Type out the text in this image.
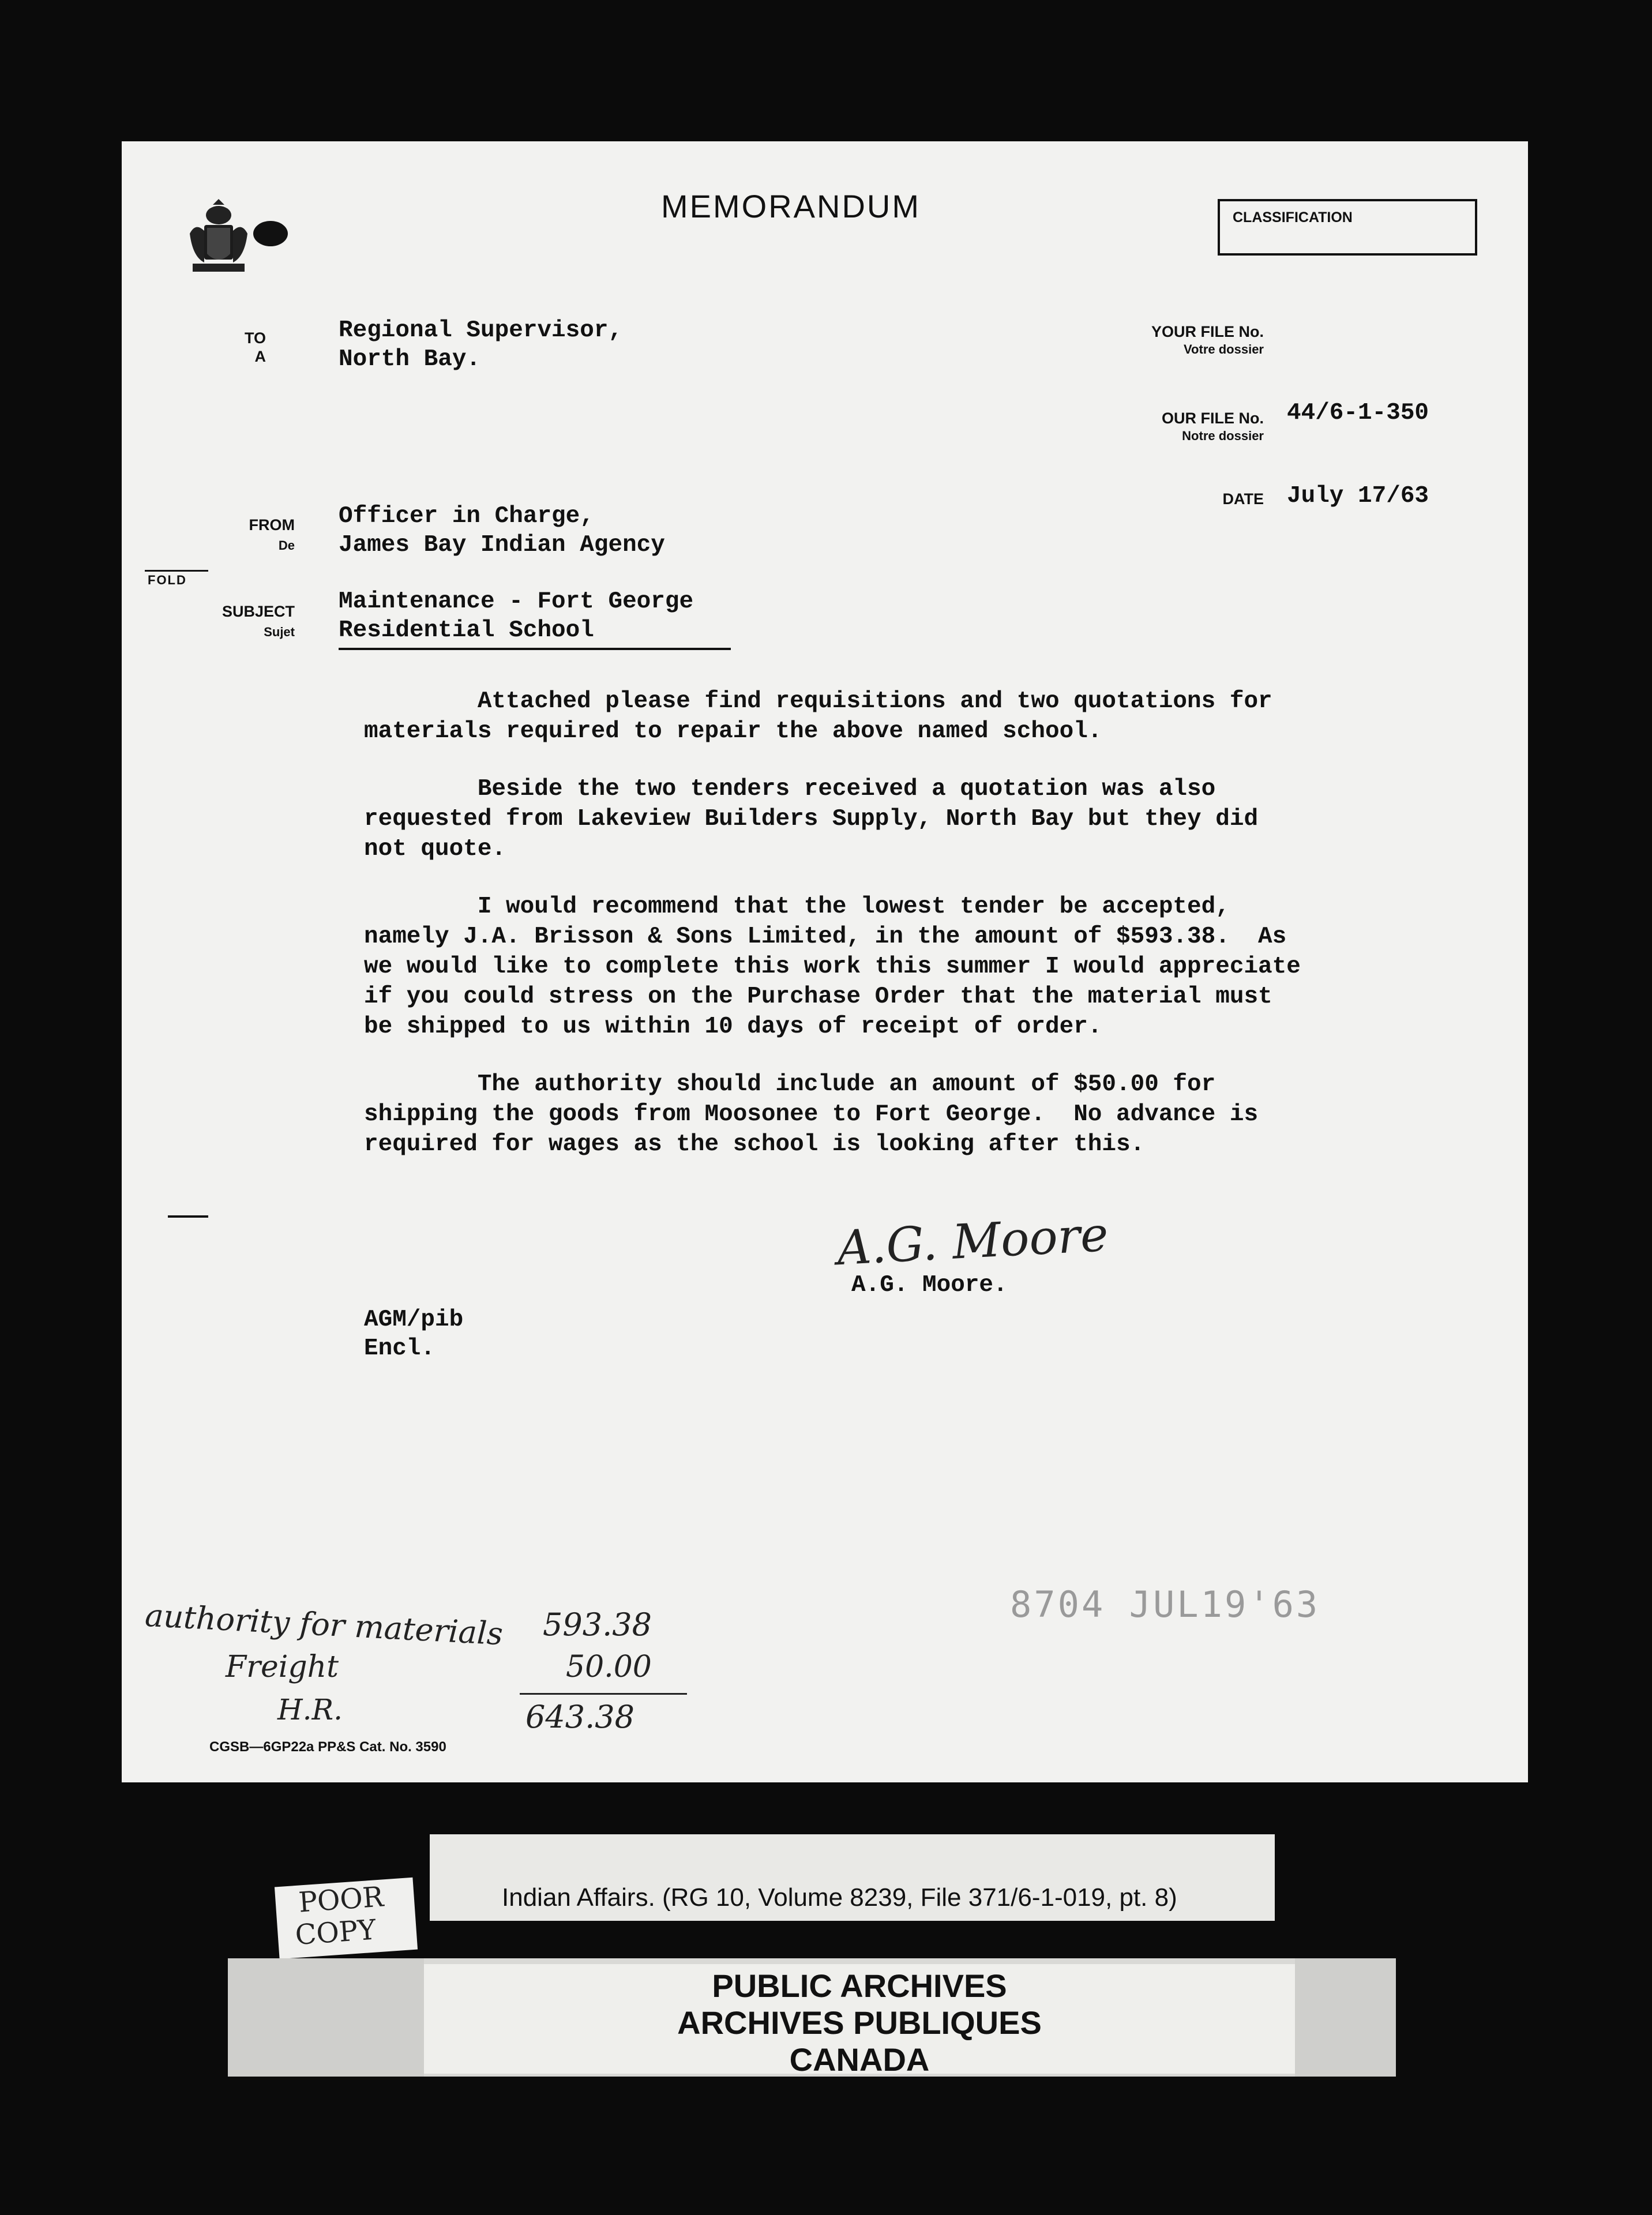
MEMORANDUM	CLASSIFICATION
TO
A
Regional Supervisor,
North Bay.
YOUR FILE No.
Votre dossier
OUR FILE No.
Notre dossier
44/6-1-350
DATE July 17/63
FROM
De
Officer in Charge,
James Bay Indian Agency
FOLD
SUBJECT
Sujet
Maintenance - Fort George
Residential School
Attached please find requisitions and two quotations for
materials required to repair the above named school.
Beside the two tenders received a quotation was also
requested from Lakeview Builders Supply, North Bay but they did
not quote.
I would recommend that the lowest tender be accepted,
namely J.A. Brisson & Sons Limited, in the amount of $593.38.  As
we would like to complete this work this summer I would appreciate
if you could stress on the Purchase Order that the material must
be shipped to us within 10 days of receipt of order.
The authority should include an amount of $50.00 for
shipping the goods from Moosonee to Fort George.  No advance is
required for wages as the school is looking after this.
A.G. Moore
A.G. Moore.
AGM/pib
Encl.
8704 JUL19'63
authority for materials 593.38
Freight	50.00
H.R.	643.38
CGSB—6GP22a PP&S Cat. No. 3590
Indian Affairs. (RG 10, Volume 8239, File 371/6-1-019, pt. 8)
POOR
COPY
PUBLIC ARCHIVES
ARCHIVES PUBLIQUES
CANADA
